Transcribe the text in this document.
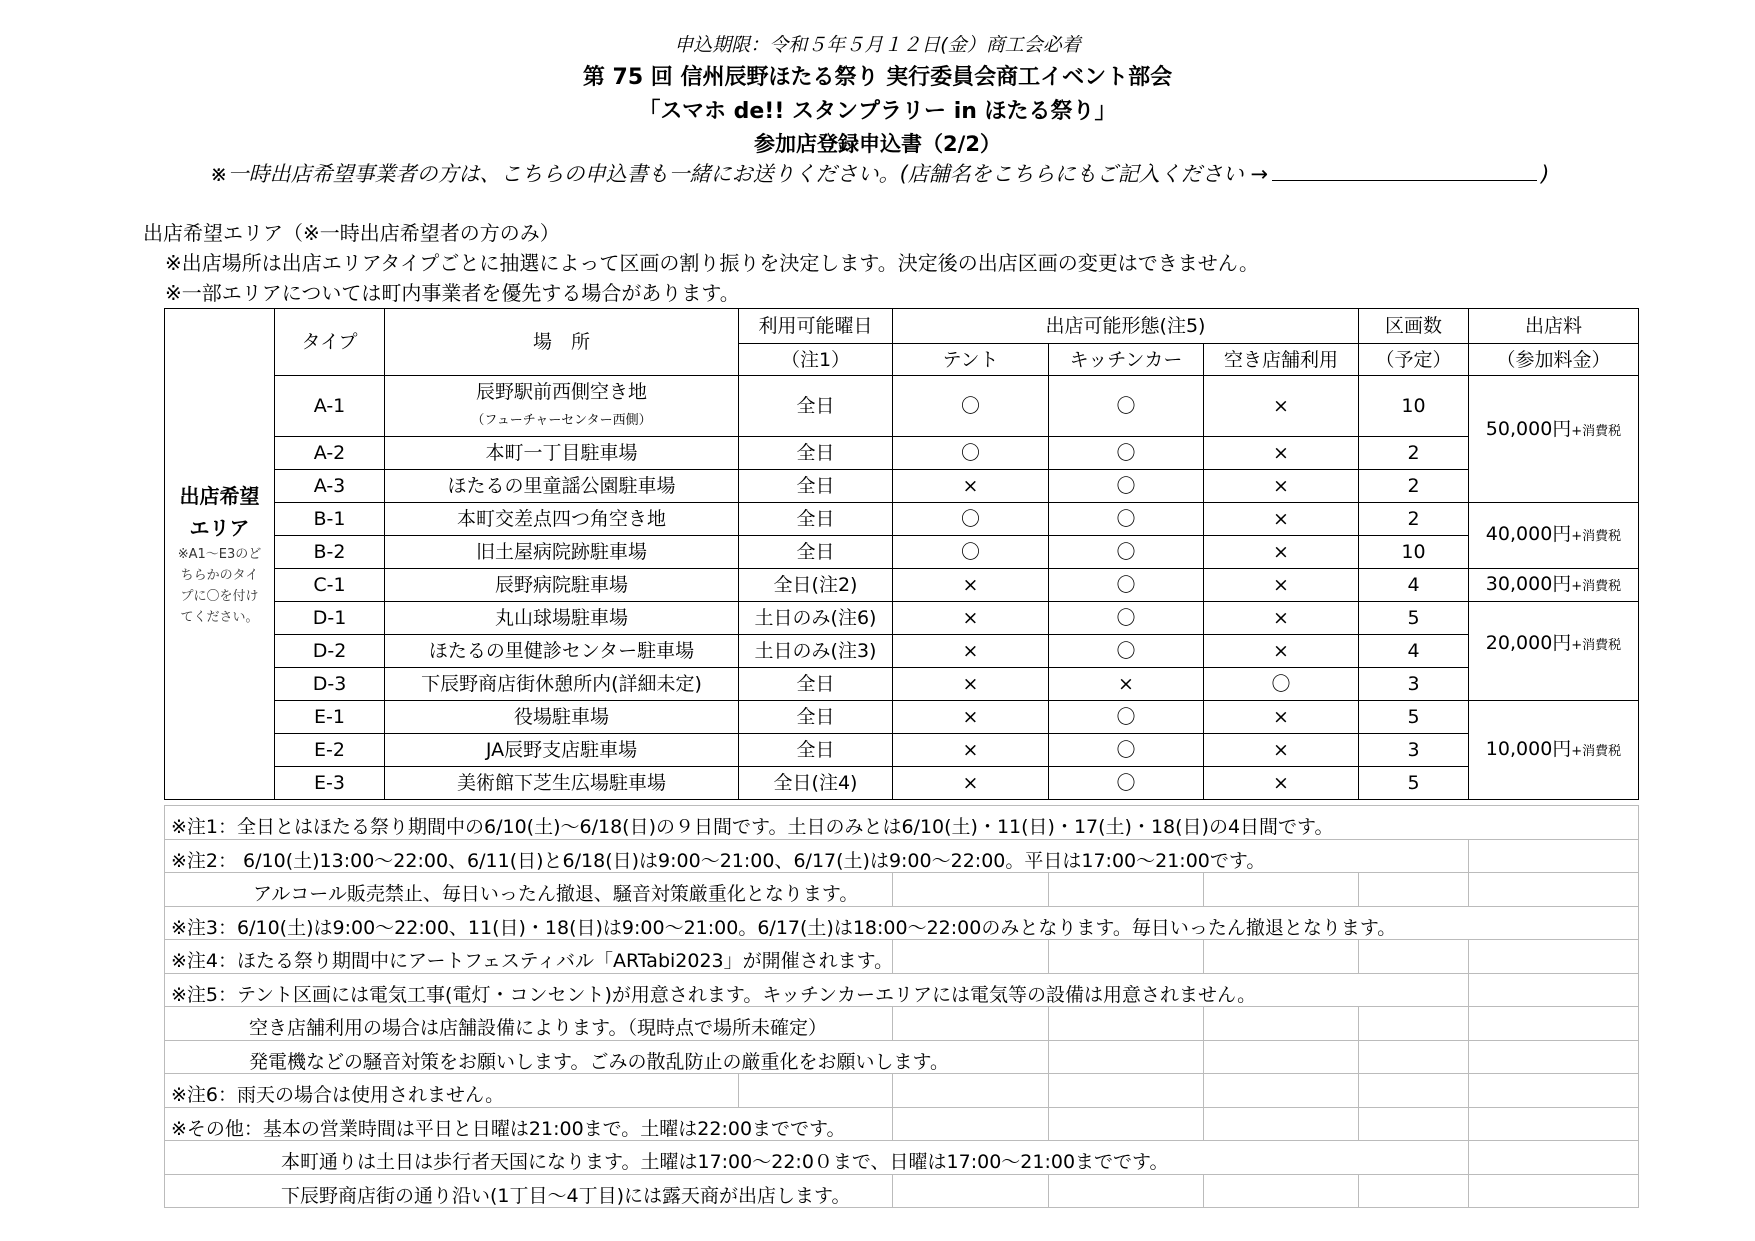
申込期限：令和５年５月１２日(金）商工会必着
第 75 回 信州辰野ほたる祭り 実行委員会商工イベント部会
「スマホ de!! スタンプラリー in ほたる祭り」
参加店登録申込書（2/2）
※一時出店希望事業者の方は、こちらの申込書も一緒にお送りください。(店舗名をこちらにもご記入ください →	)
出店希望エリア（※一時出店希望者の方のみ）
※出店場所は出店エリアタイプごとに抽選によって区画の割り振りを決定します。決定後の出店区画の変更はできません。
※一部エリアについては町内事業者を優先する場合があります。
出店希望
エリア
※A1〜E3のどちらかのタイプに〇を付けてください。	タイプ	場　所	利用可能曜日	出店可能形態(注5)			区画数	出店料
			（注1）	テント	キッチンカー	空き店舗利用	（予定）	（参加料金）
	A-1	辰野駅前西側空き地
（フューチャーセンター西側）	全日	〇	〇	×	10	50,000円+消費税
	A-2	本町一丁目駐車場	全日	〇	〇	×	2	
	A-3	ほたるの里童謡公園駐車場	全日	×	〇	×	2	
	B-1	本町交差点四つ角空き地	全日	〇	〇	×	2	40,000円+消費税
	B-2	旧土屋病院跡駐車場	全日	〇	〇	×	10	
	C-1	辰野病院駐車場	全日(注2)	×	〇	×	4	30,000円+消費税
	D-1	丸山球場駐車場	土日のみ(注6)	×	〇	×	5	20,000円+消費税
	D-2	ほたるの里健診センター駐車場	土日のみ(注3)	×	〇	×	4	
	D-3	下辰野商店街休憩所内(詳細未定)	全日	×	×	〇	3	
	E-1	役場駐車場	全日	×	〇	×	5	10,000円+消費税
	E-2	JA辰野支店駐車場	全日	×	〇	×	3	
	E-3	美術館下芝生広場駐車場	全日(注4)	×	〇	×	5	
※注1：全日とはほたる祭り期間中の6/10(土)〜6/18(日)の９日間です。土日のみとは6/10(土)・11(日)・17(土)・18(日)の4日間です。						

※注2： 6/10(土)13:00〜22:00、6/11(日)と6/18(日)は9:00〜21:00、6/17(土)は9:00〜22:00。平日は17:00〜21:00です。						

アルコール販売禁止、毎日いったん撤退、騒音対策厳重化となります。						

※注3：6/10(土)は9:00〜22:00、11(日)・18(日)は9:00〜21:00。6/17(土)は18:00〜22:00のみとなります。毎日いったん撤退となります。						

※注4：ほたる祭り期間中にアートフェスティバル「ARTabi2023」が開催されます。						

※注5：テント区画には電気工事(電灯・コンセント)が用意されます。キッチンカーエリアには電気等の設備は用意されません。						

空き店舗利用の場合は店舗設備によります。（現時点で場所未確定）						

発電機などの騒音対策をお願いします。ごみの散乱防止の厳重化をお願いします。						

※注6：雨天の場合は使用されません。						

※その他：基本の営業時間は平日と日曜は21:00まで。土曜は22:00までです。						

本町通りは土日は歩行者天国になります。土曜は17:00〜22:0０まで、日曜は17:00〜21:00までです。						

下辰野商店街の通り沿い(1丁目〜4丁目)には露天商が出店します。						
